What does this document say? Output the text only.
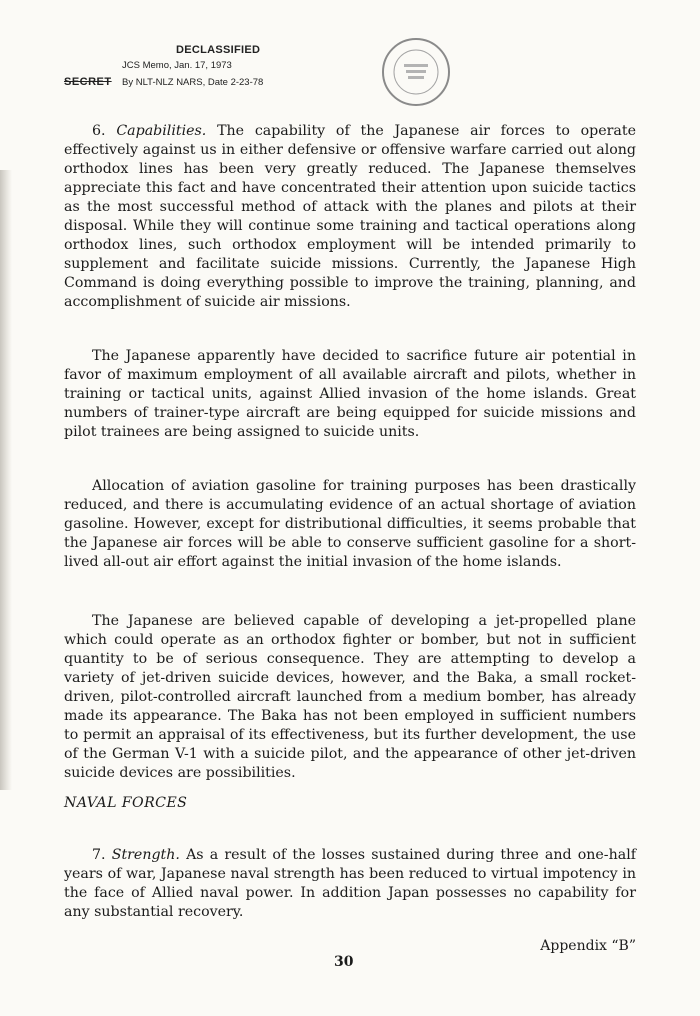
DECLASSIFIED
JCS Memo, Jan. 17, 1973
SECRET By NLT-NLZ NARS, Date 2-23-78

6. Capabilities. The capability of the Japanese air forces to operate effectively against us in either defensive or offensive warfare carried out along orthodox lines has been very greatly reduced. The Japanese themselves appreciate this fact and have concentrated their attention upon suicide tactics as the most successful method of attack with the planes and pilots at their disposal. While they will continue some training and tactical operations along orthodox lines, such orthodox employment will be intended primarily to supplement and facilitate suicide missions. Currently, the Japanese High Command is doing everything possible to improve the training, planning, and accomplishment of suicide air missions.

The Japanese apparently have decided to sacrifice future air potential in favor of maximum employment of all available aircraft and pilots, whether in training or tactical units, against Allied invasion of the home islands. Great numbers of trainer-type aircraft are being equipped for suicide missions and pilot trainees are being assigned to suicide units.

Allocation of aviation gasoline for training purposes has been drastically reduced, and there is accumulating evidence of an actual shortage of aviation gasoline. However, except for distributional difficulties, it seems probable that the Japanese air forces will be able to conserve sufficient gasoline for a short-lived all-out air effort against the initial invasion of the home islands.

The Japanese are believed capable of developing a jet-propelled plane which could operate as an orthodox fighter or bomber, but not in sufficient quantity to be of serious consequence. They are attempting to develop a variety of jet-driven suicide devices, however, and the Baka, a small rocket-driven, pilot-controlled aircraft launched from a medium bomber, has already made its appearance. The Baka has not been employed in sufficient numbers to permit an appraisal of its effectiveness, but its further development, the use of the German V-1 with a suicide pilot, and the appearance of other jet-driven suicide devices are possibilities.

NAVAL FORCES

7. Strength. As a result of the losses sustained during three and one-half years of war, Japanese naval strength has been reduced to virtual impotency in the face of Allied naval power. In addition Japan possesses no capability for any substantial recovery.

Appendix “B”
30
